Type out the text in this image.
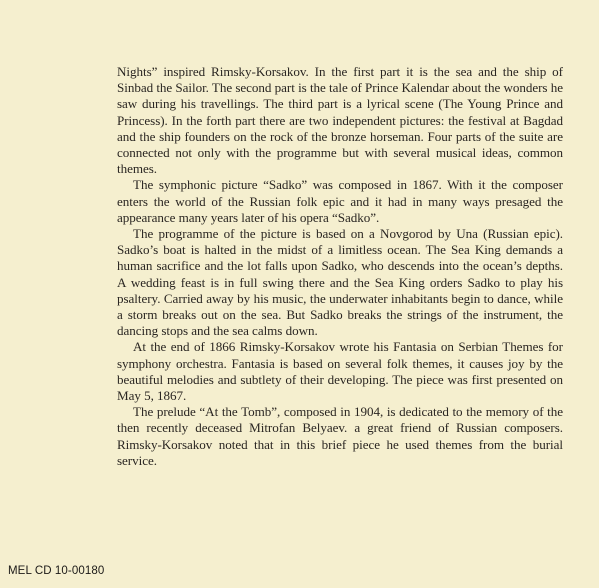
Nights” inspired Rimsky-Korsakov. In the first part it is the sea and the ship of Sinbad the Sailor. The second part is the tale of Prince Kalendar about the wonders he saw during his travellings. The third part is a lyrical scene (The Young Prince and Princess). In the forth part there are two independent pictures: the festival at Bagdad and the ship founders on the rock of the bronze horseman. Four parts of the suite are connected not only with the programme but with several musical ideas, common themes.

The symphonic picture “Sadko” was composed in 1867. With it the composer enters the world of the Russian folk epic and it had in many ways presaged the appearance many years later of his opera “Sadko”.

The programme of the picture is based on a Novgorod by Una (Russian epic). Sadko’s boat is halted in the midst of a limitless ocean. The Sea King demands a human sacrifice and the lot falls upon Sadko, who descends into the ocean’s depths. A wedding feast is in full swing there and the Sea King orders Sadko to play his psaltery. Carried away by his music, the underwater inhabitants begin to dance, while a storm breaks out on the sea. But Sadko breaks the strings of the instrument, the dancing stops and the sea calms down.

At the end of 1866 Rimsky-Korsakov wrote his Fantasia on Serbian Themes for symphony orchestra. Fantasia is based on several folk themes, it causes joy by the beautiful melodies and subtlety of their developing. The piece was first presented on May 5, 1867.

The prelude “At the Tomb”, composed in 1904, is dedicated to the memory of the then recently deceased Mitrofan Belyaev. a great friend of Russian composers. Rimsky-Korsakov noted that in this brief piece he used themes from the burial service.

MEL CD 10-00180
